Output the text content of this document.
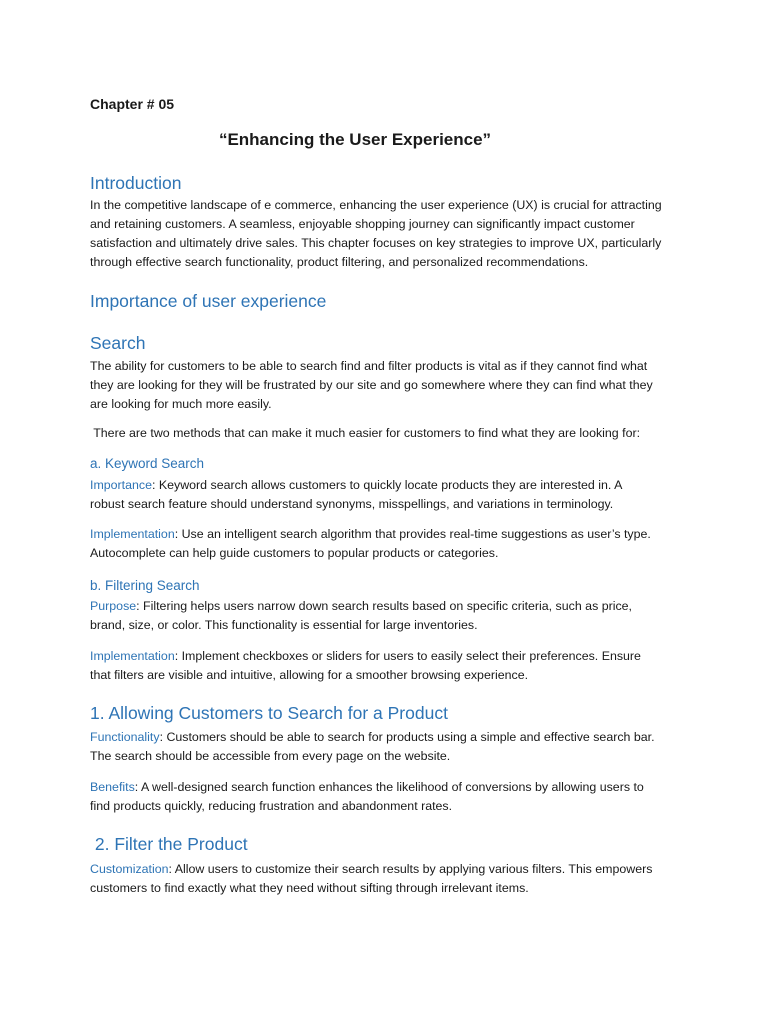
Chapter # 05
“Enhancing the User Experience”
Introduction
In the competitive landscape of e commerce, enhancing the user experience (UX) is crucial for attracting
and retaining customers. A seamless, enjoyable shopping journey can significantly impact customer
satisfaction and ultimately drive sales. This chapter focuses on key strategies to improve UX, particularly
through effective search functionality, product filtering, and personalized recommendations.
Importance of user experience
Search
The ability for customers to be able to search find and filter products is vital as if they cannot find what
they are looking for they will be frustrated by our site and go somewhere where they can find what they
are looking for much more easily.
There are two methods that can make it much easier for customers to find what they are looking for:
a. Keyword Search
Importance: Keyword search allows customers to quickly locate products they are interested in. A
robust search feature should understand synonyms, misspellings, and variations in terminology.
Implementation: Use an intelligent search algorithm that provides real-time suggestions as user’s type.
Autocomplete can help guide customers to popular products or categories.
b. Filtering Search
Purpose: Filtering helps users narrow down search results based on specific criteria, such as price,
brand, size, or color. This functionality is essential for large inventories.
Implementation: Implement checkboxes or sliders for users to easily select their preferences. Ensure
that filters are visible and intuitive, allowing for a smoother browsing experience.
1. Allowing Customers to Search for a Product
Functionality: Customers should be able to search for products using a simple and effective search bar.
The search should be accessible from every page on the website.
Benefits: A well-designed search function enhances the likelihood of conversions by allowing users to
find products quickly, reducing frustration and abandonment rates.
2. Filter the Product
Customization: Allow users to customize their search results by applying various filters. This empowers
customers to find exactly what they need without sifting through irrelevant items.
